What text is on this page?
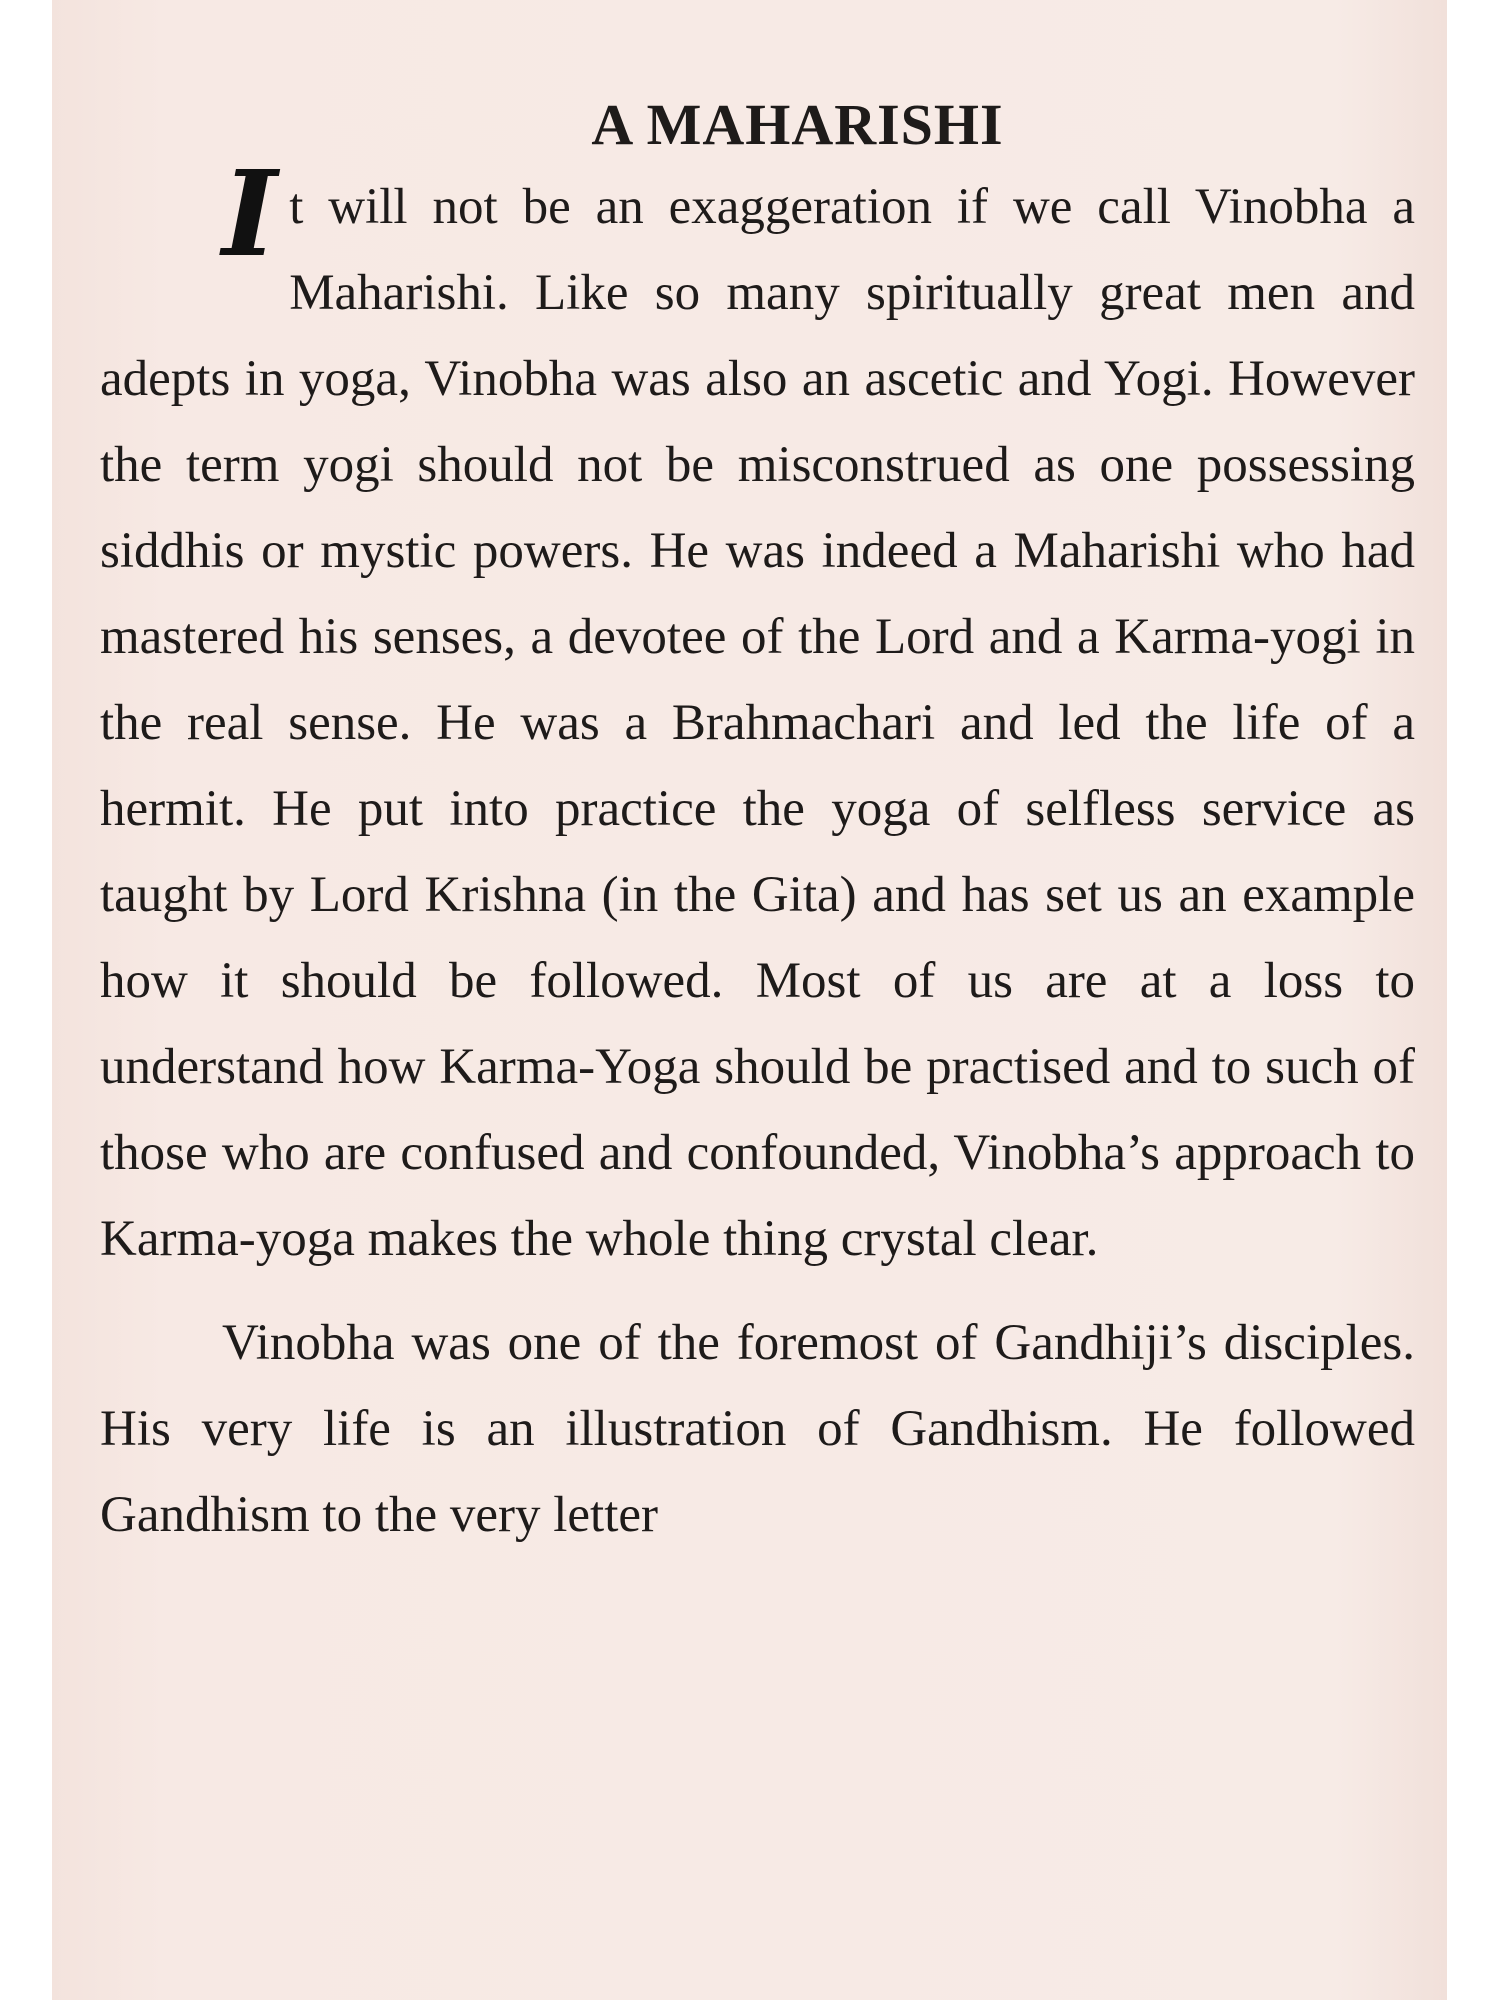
A MAHARISHI

It will not be an exaggeration if we call Vinobha a Maharishi. Like so many spiritually great men and adepts in yoga, Vinobha was also an ascetic and Yogi. However the term yogi should not be misconstrued as one possessing siddhis or mystic powers. He was indeed a Maharishi who had mastered his senses, a devotee of the Lord and a Karma-yogi in the real sense. He was a Brahmachari and led the life of a hermit. He put into practice the yoga of selfless service as taught by Lord Krishna (in the Gita) and has set us an example how it should be followed. Most of us are at a loss to understand how Karma-Yoga should be practised and to such of those who are confused and confounded, Vinobha’s approach to Karma-yoga makes the whole thing crystal clear.

Vinobha was one of the foremost of Gandhiji’s disciples. His very life is an illustration of Gandhism. He followed Gandhism to the very letter
